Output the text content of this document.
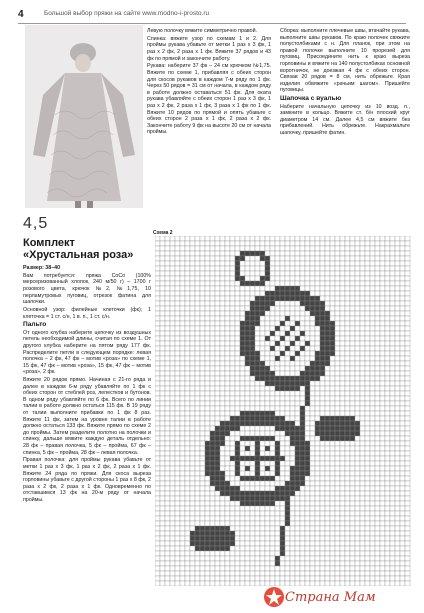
4	Большой выбор пряжи на сайте www.modno-i-prosto.ru
4,5
Комплект
«Хрустальная роза»

Размер: 38–40

Вам потребуется: пряжа CoCo (100% мерсеризованный хлопок, 240 м/50 г) – 1700 г розового цвета, крючок №2, №1,75, 10 перламутровых пуговиц, отрезок фатина для шапочки.

Основной узор: филейные клеточки (фк); 1 клеточка = 1 ст. с/н, 1 в. п., 1 ст. с/н.

Пальто

От одного клубка наберите цепочку из воздушных петель необходимой длины, считая по схеме 1. От другого клубка наберите на пятом ряду 177 фк. Распределите петли в следующем порядке: левая полочка – 2 фк, 47 фк – мотив «роза» по схеме 1, 15 фк, 47 фк – мотив «роза», 15 фк, 47 фк – мотив «роза», 2 фк.

Вяжите 20 рядов прямо. Начиная с 21-го ряда и далее в каждом 6-м ряду убавляйте по 1 фк с обеих сторон от стеблей роз, лепестков и бутонов. В одном ряду убавляйте по 6 фк. Всего по линии талии в работе должно остаться 115 фк. В 19 ряду от талии выполните прибавки по 1 фк 8 раз. Вяжите 11 фк, затем на уровне талии в работе должно остаться 133 фк. Вяжите прямо по схеме 2 до проймы. Затем разделите полотно на полочки и спинку, дальше вяжите каждую деталь отдельно: 28 фк – правая полочка, 5 фк – пройма, 67 фк – спинка, 5 фк – пройма, 28 фк – левая полочка.

Правая полочка: для проймы рукава убавьте от метки 1 раз х 3 фк, 1 раз х 2 фк, 2 раза х 1 фк. Вяжите 24 ряда по пряжи. Для скоса выреза горловины убавьте с другой стороны 1 раз х 8 фк, 2 раза х 2 фк, 2 раза х 1 фк. Одновременно по отставшимся 13 фк на 20-м ряду от начала проймы.

Левую полочку вяжите симметрично правой.

Спинка: вяжите узор по схемам 1 и 2. Для проймы рукава убавьте от метки 1 раз х 3 фк, 1 раз х 2 фк, 2 раза х 1 фк. Вяжите 37 рядов и 43 фк по прямой и закончите работу.

Рукава: наберите 37 фк – 24 см крючком №1,75. Вяжите по схеме 1, прибавляя с обеих сторон для скосов рукавов в каждом 7-м ряду по 1 фк. Через 50 рядов = 31 см от начала, в каждом ряду в работе должно оставаться 51 фк. Для оката рукава убавляйте с обеих сторон 1 раз х 3 фк, 1 раз х 2 фк, 2 раза х 1 фк, 3 раза х 1 фк по 1 фк. Вяжите 10 рядов по прямой и опять убавьте с обеих сторон 2 раза х 1 фк, 2 раза х 2 фк. Закончите работу 9 фк на высоте 20 см от начала проймы.

Сборка: выполните плечевые швы, втачайте рукава, выполните швы рукавов. По краю полочек свяжите полустолбиками с н. Для планок, при этом на правой полочке выполните 10 прорезей для пуговиц. Присоедините нить к краю выреза горловины и вяжите на 140 полустолбиках основной воротничок, не доезжая 4 фк с обеих сторон. Связав 20 рядов = 8 см, нить обрежьте. Края изделия обвяжите «рачьим шагом». Пришейте пуговицы.

Шапочка с вуалью

Наберите начальную цепочку из 10 возд. п., замкните в кольцо. Вяжите ст. б/н плоский круг диаметром 14 см. Далее 4,5 см вяжите без прибавлений. Нить обрежьте. Накрахмальте шапочку, пришейте фатин.

Схема 2
Страна Мам
